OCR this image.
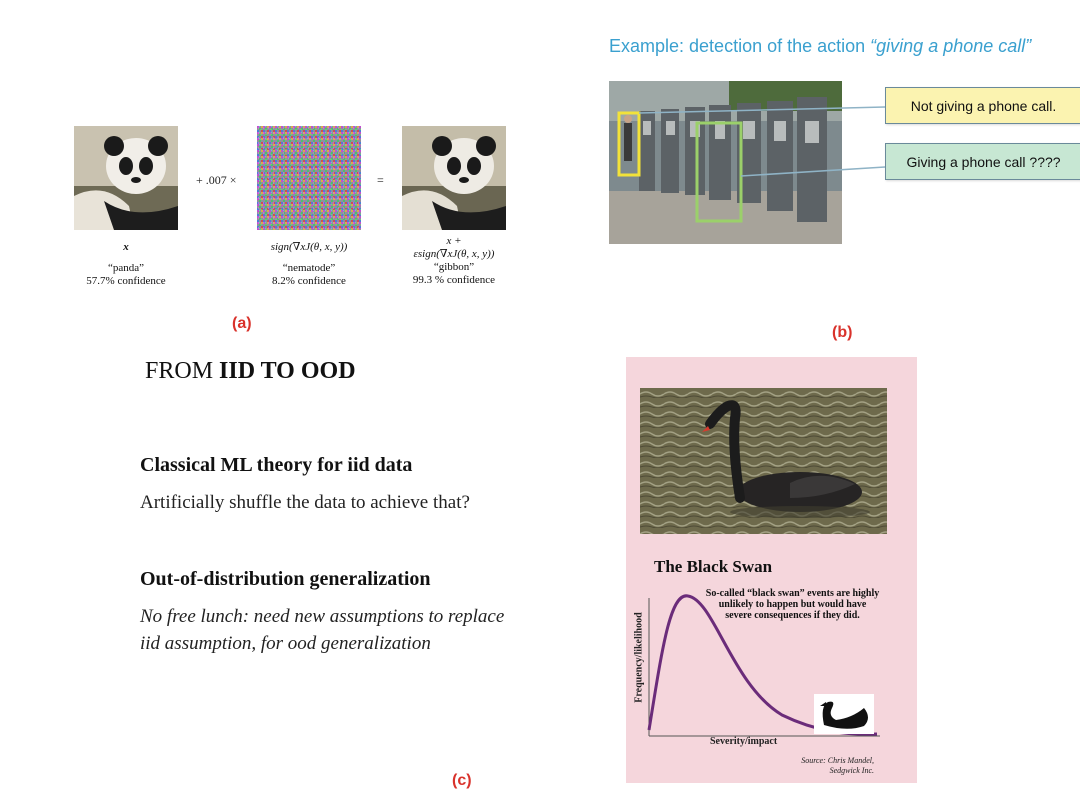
+ .007 ×	=
x
“panda”
57.7% confidence
sign(∇xJ(θ, x, y))
“nematode”
8.2% confidence
x +
εsign(∇xJ(θ, x, y))
“gibbon”
99.3 % confidence
(a)
Example: detection of the action “giving a phone call”
Not giving a phone call.
Giving a phone call ????
(b)
FROM IID TO OOD
Classical ML theory for iid data
Artificially shuffle the data to achieve that?
Out-of-distribution generalization
No free lunch: need new assumptions to replace
iid assumption, for ood generalization
The Black Swan
So-called “black swan” events are highly unlikely to happen but would have severe consequences if they did.
Frequency/likelihood
Severity/impact
Source: Chris Mandel,
Sedgwick Inc.
(c)
